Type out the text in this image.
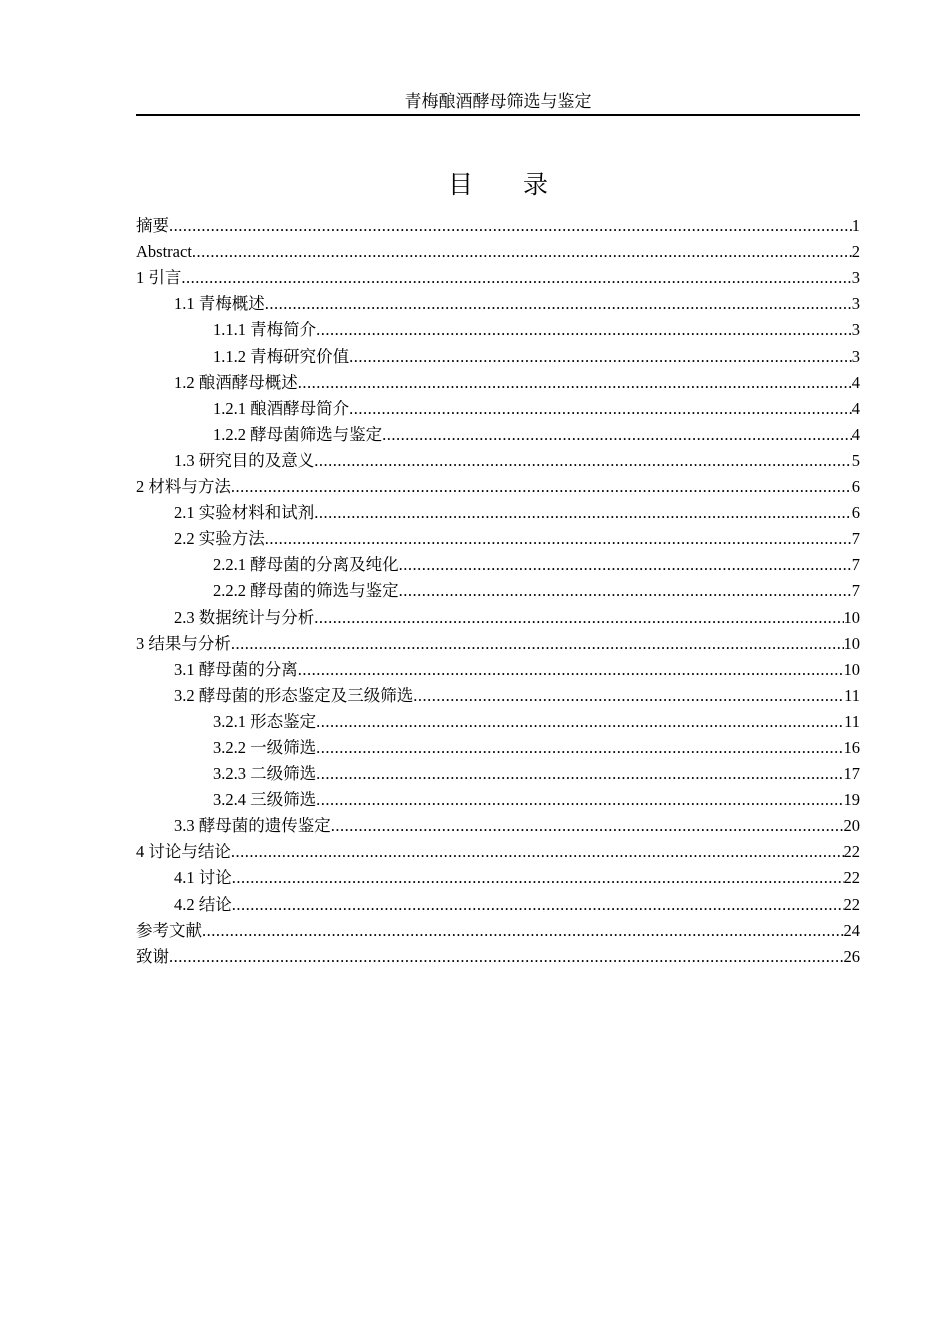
青梅酿酒酵母筛选与鉴定
目录
摘要 .....	1
Abstract .....	2
1 引言 .....	3
1.1 青梅概述 .....	3
1.1.1 青梅简介 .....	3
1.1.2 青梅研究价值 .....	3
1.2 酿酒酵母概述 .....	4
1.2.1 酿酒酵母简介 .....	4
1.2.2 酵母菌筛选与鉴定 .....	4
1.3 研究目的及意义 .....	5
2 材料与方法 .....	6
2.1 实验材料和试剂 .....	6
2.2 实验方法 .....	7
2.2.1 酵母菌的分离及纯化 .....	7
2.2.2 酵母菌的筛选与鉴定 .....	7
2.3 数据统计与分析 .....	10
3 结果与分析 .....	10
3.1 酵母菌的分离 .....	10
3.2 酵母菌的形态鉴定及三级筛选 .....	11
3.2.1 形态鉴定 .....	11
3.2.2 一级筛选 .....	16
3.2.3 二级筛选 .....	17
3.2.4 三级筛选 .....	19
3.3 酵母菌的遗传鉴定 .....	20
4 讨论与结论 .....	22
4.1 讨论 .....	22
4.2 结论 .....	22
参考文献 .....	24
致谢 .....	26
